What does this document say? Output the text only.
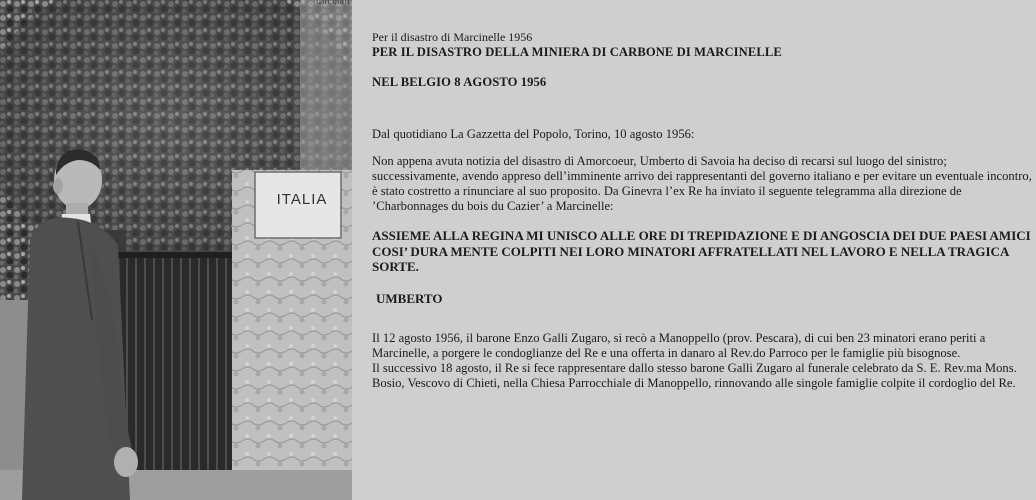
Circolari
ITALIA

Per il disastro di Marcinelle 1956

PER IL DISASTRO DELLA MINIERA DI CARBONE DI MARCINELLE

NEL BELGIO 8 AGOSTO 1956

Dal quotidiano La Gazzetta del Popolo, Torino, 10 agosto 1956:

Non appena avuta notizia del disastro di Amorcoeur, Umberto di Savoia ha deciso di recarsi sul luogo del sinistro; successivamente, avendo appreso dell’imminente arrivo dei rappresentanti del governo italiano e per evitare un eventuale incontro, è stato costretto a rinunciare al suo proposito. Da Ginevra l’ex Re ha inviato il seguente telegramma alla direzione de ’Charbonnages du bois du Cazier’ a Marcinelle:

ASSIEME ALLA REGINA MI UNISCO ALLE ORE DI TREPIDAZIONE E DI ANGOSCIA DEI DUE PAESI AMICI COSI’ DURA MENTE COLPITI NEI LORO MINATORI AFFRATELLATI NEL LAVORO E NELLA TRAGICA SORTE.

UMBERTO

Il 12 agosto 1956, il barone Enzo Galli Zugaro, si recò a Manoppello (prov. Pescara), di cui ben 23 minatori erano periti a Marcinelle, a porgere le condoglianze del Re e una offerta in danaro al Rev.do Parroco per le famiglie più bisognose.

Il successivo 18 agosto, il Re si fece rappresentare dallo stesso barone Galli Zugaro al funerale celebrato da S. E. Rev.ma Mons. Bosio, Vescovo di Chieti, nella Chiesa Parrocchiale di Manoppello, rinnovando alle singole famiglie colpite il cordoglio del Re.
